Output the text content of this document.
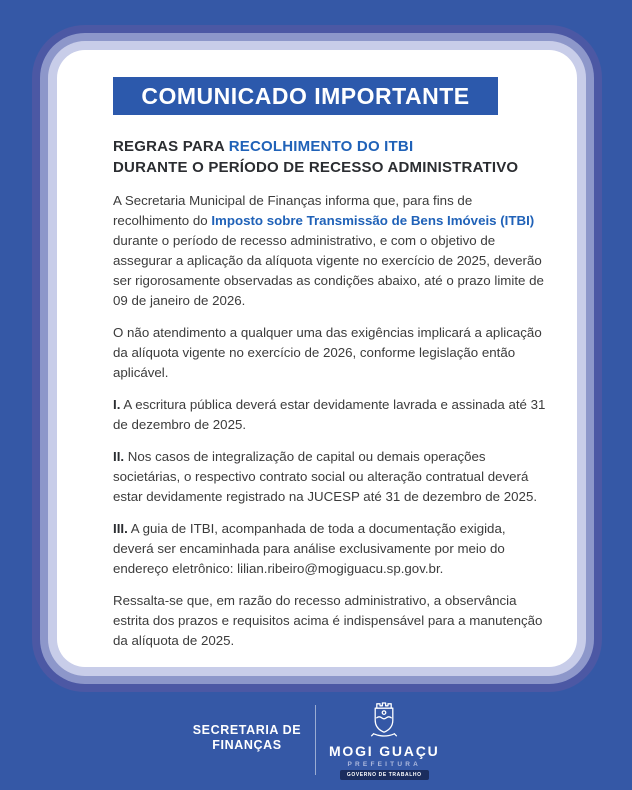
COMUNICADO IMPORTANTE
REGRAS PARA RECOLHIMENTO DO ITBI
DURANTE O PERÍODO DE RECESSO ADMINISTRATIVO

A Secretaria Municipal de Finanças informa que, para fins de recolhimento do Imposto sobre Transmissão de Bens Imóveis (ITBI) durante o período de recesso administrativo, e com o objetivo de assegurar a aplicação da alíquota vigente no exercício de 2025, deverão ser rigorosamente observadas as condições abaixo, até o prazo limite de 09 de janeiro de 2026.

O não atendimento a qualquer uma das exigências implicará a aplicação da alíquota vigente no exercício de 2026, conforme legislação então aplicável.

I. A escritura pública deverá estar devidamente lavrada e assinada até 31 de dezembro de 2025.

II. Nos casos de integralização de capital ou demais operações societárias, o respectivo contrato social ou alteração contratual deverá estar devidamente registrado na JUCESP até 31 de dezembro de 2025.

III. A guia de ITBI, acompanhada de toda a documentação exigida, deverá ser encaminhada para análise exclusivamente por meio do endereço eletrônico: lilian.ribeiro@mogiguacu.sp.gov.br.

Ressalta-se que, em razão do recesso administrativo, a observância estrita dos prazos e requisitos acima é indispensável para a manutenção da alíquota de 2025.

SECRETARIA DE
FINANÇAS	MOGI GUAÇU
PREFEITURA
GOVERNO DE TRABALHO
